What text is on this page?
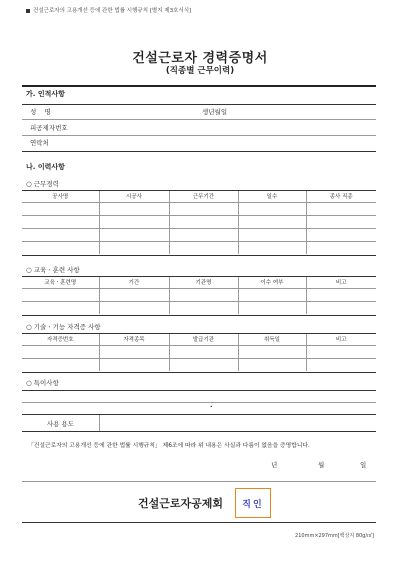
건설근로자의 고용개선 등에 관한 법률 시행규칙 [별지 제3호서식]
건설근로자 경력증명서
(직종별 근무이력)
가. 인적사항
성    명	생년월일
피공제자번호
연락처
나. 이력사항
○ 근무경력
공사명	시공사	근무기간	일수	종사 직종

○ 교육ㆍ훈련 사항
교육ㆍ훈련명	기간	기관명	이수 여부	비고

○ 기술ㆍ기능 자격증 사항
자격증번호	자격종목	발급기관	취득일	비고

○ 특이사항
.
사용 용도
「건설근로자의 고용개선 등에 관한 법률 시행규칙」 제6조에 따라 위 내용은 사실과 다름이 없음을 증명합니다.
년	월	일
건설근로자공제회 직인
210mm×297mm[백상지 80g/㎡]
